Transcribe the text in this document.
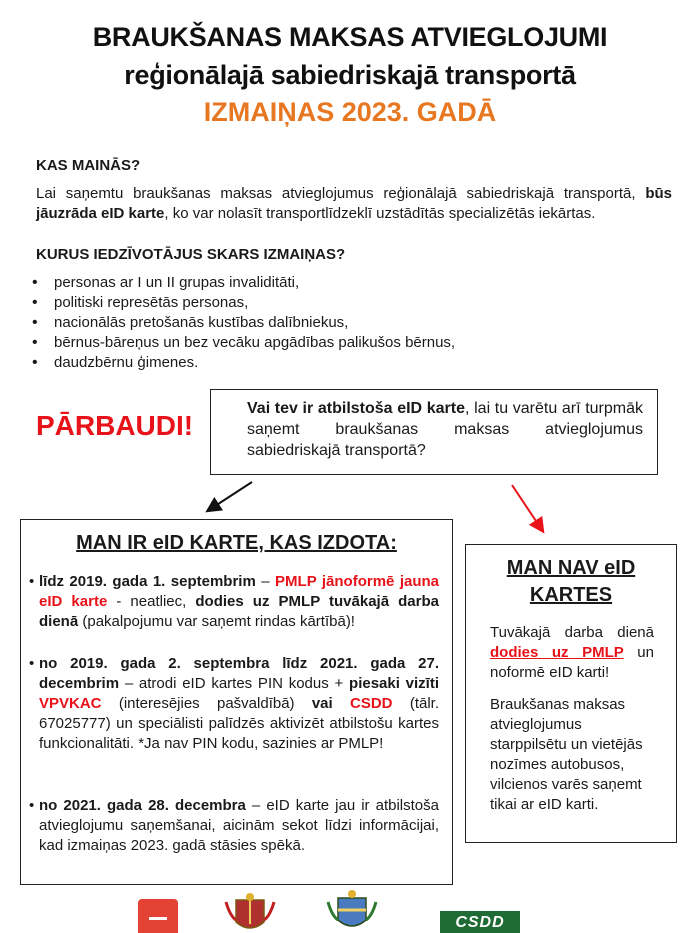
BRAUKŠANAS MAKSAS ATVIEGLOJUMI
reģionālajā sabiedriskajā transportā
IZMAIŅAS 2023. GADĀ
KAS MAINĀS?
Lai saņemtu braukšanas maksas atvieglojumus reģionālajā sabiedriskajā transportā, būs jāuzrāda eID karte, ko var nolasīt transportlīdzeklī uzstādītās specializētās iekārtas.
KURUS IEDZĪVOTĀJUS SKARS IZMAIŅAS?
• personas ar I un II grupas invaliditāti,
• politiski represētās personas,
• nacionālās pretošanās kustības dalībniekus,
• bērnus-bāreņus un bez vecāku apgādības palikušos bērnus,
• daudzbērnu ģimenes.
PĀRBAUDI!
Vai tev ir atbilstoša eID karte, lai tu varētu arī turpmāk saņemt braukšanas maksas atvieglojumus sabiedriskajā transportā?
MAN IR eID KARTE, KAS IZDOTA:
• līdz 2019. gada 1. septembrim – PMLP jānoformē jauna eID karte - neatliec, dodies uz PMLP tuvākajā darba dienā (pakalpojumu var saņemt rindas kārtībā)!
• no 2019. gada 2. septembra līdz 2021. gada 27. decembrim – atrodi eID kartes PIN kodus + piesaki vizīti VPVKAC (interesējies pašvaldībā) vai CSDD (tālr. 67025777) un speciālisti palīdzēs aktivizēt atbilstošu kartes funkcionalitāti. *Ja nav PIN kodu, sazinies ar PMLP!
• no 2021. gada 28. decembra – eID karte jau ir atbilstoša atvieglojumu saņemšanai, aicinām sekot līdzi informācijai, kad izmaiņas 2023. gadā stāsies spēkā.
MAN NAV eID KARTES
Tuvākajā darba dienā dodies uz PMLP un noformē eID karti!
Braukšanas maksas atvieglojumus starppilsētu un vietējās nozīmes autobusos, vilcienos varēs saņemt tikai ar eID karti.
CSDD
